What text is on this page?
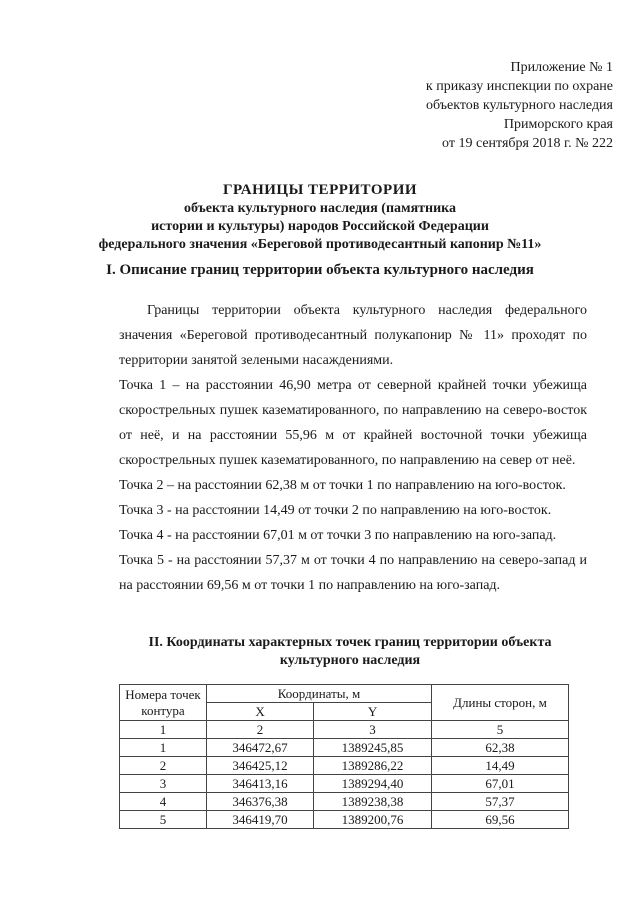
Приложение № 1
к приказу инспекции по охране
объектов культурного наследия
Приморского края
от 19 сентября 2018 г. № 222
ГРАНИЦЫ ТЕРРИТОРИИ
объекта культурного наследия (памятника
истории и культуры) народов Российской Федерации
федерального значения «Береговой противодесантный капонир №11»
I. Описание границ территории объекта культурного наследия

Границы территории объекта культурного наследия федерального значения «Береговой противодесантный полукапонир № 11» проходят по территории занятой зелеными насаждениями.

Точка 1 – на расстоянии 46,90 метра от северной крайней точки убежища скорострельных пушек казематированного, по направлению на северо-восток от неё, и на расстоянии 55,96 м от крайней восточной точки убежища скорострельных пушек казематированного, по направлению на север от неё.

Точка 2 – на расстоянии 62,38 м от точки 1 по направлению на юго-восток.

Точка 3 - на расстоянии 14,49 от точки 2 по направлению на юго-восток.

Точка 4 - на расстоянии 67,01 м от точки 3 по направлению на юго-запад.

Точка 5 - на расстоянии 57,37 м от точки 4 по направлению на северо-запад и на расстоянии 69,56 м от точки 1 по направлению на юго-запад.

II. Координаты характерных точек границ территории объекта
культурного наследия
Номера точек контура	Координаты, м		Длины сторон, м
	X	Y	
1	2	3	5
1	346472,67	1389245,85	62,38
2	346425,12	1389286,22	14,49
3	346413,16	1389294,40	67,01
4	346376,38	1389238,38	57,37
5	346419,70	1389200,76	69,56
